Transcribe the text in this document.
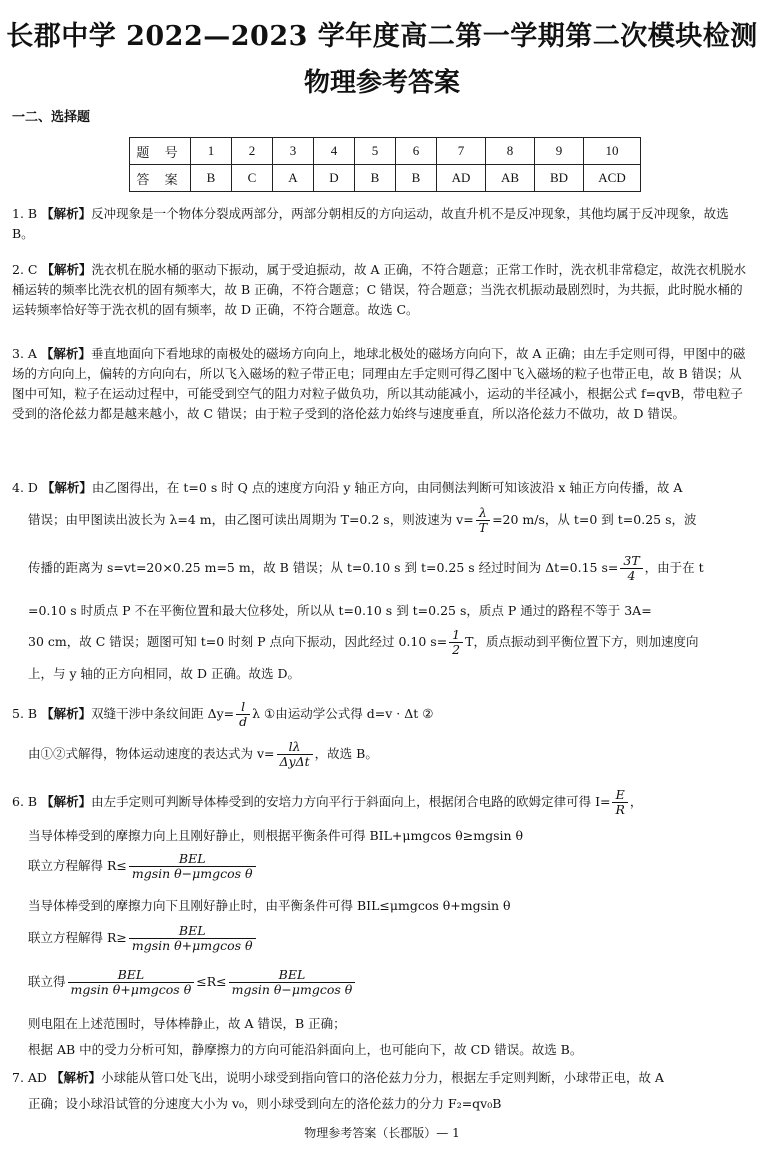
长郡中学 2022—2023 学年度高二第一学期第二次模块检测
物理参考答案
一二、选择题
题 号	1	2	3	4	5	6	7	8	9	10
答 案	B	C	A	D	B	B	AD	AB	BD	ACD
1. B 【解析】反冲现象是一个物体分裂成两部分，两部分朝相反的方向运动，故直升机不是反冲现象，其他均属于反冲现象，故选 B。
2. C 【解析】洗衣机在脱水桶的驱动下振动，属于受迫振动，故 A 正确，不符合题意；正常工作时，洗衣机非常稳定，故洗衣机脱水桶运转的频率比洗衣机的固有频率大，故 B 正确，不符合题意；C 错误，符合题意；当洗衣机振动最剧烈时，为共振，此时脱水桶的运转频率恰好等于洗衣机的固有频率，故 D 正确，不符合题意。故选 C。
3. A 【解析】垂直地面向下看地球的南极处的磁场方向向上，地球北极处的磁场方向向下，故 A 正确；由左手定则可得，甲图中的磁场的方向向上，偏转的方向向右，所以飞入磁场的粒子带正电；同理由左手定则可得乙图中飞入磁场的粒子也带正电，故 B 错误；从图中可知，粒子在运动过程中，可能受到空气的阻力对粒子做负功，所以其动能减小，运动的半径减小，根据公式 f=qvB，带电粒子受到的洛伦兹力都是越来越小，故 C 错误；由于粒子受到的洛伦兹力始终与速度垂直，所以洛伦兹力不做功，故 D 错误。
4. D 【解析】由乙图得出，在 t=0 s 时 Q 点的速度方向沿 y 轴正方向，由同侧法判断可知该波沿 x 轴正方向传播，故 A
错误；由甲图读出波长为 λ=4 m，由乙图可读出周期为 T=0.2 s，则波速为 $v= \frac{\lambda}{T} =20$ m/s，从 t=0 到 t=0.25 s，波
传播的距离为 s=vt=20×0.25 m=5 m，故 B 错误；从 t=0.10 s 到 t=0.25 s 经过时间为 Δt=0.15 $s= \frac{3T}{4}$ ，由于在 t
=0.10 s 时质点 P 不在平衡位置和最大位移处，所以从 t=0.10 s 到 t=0.25 s，质点 P 通过的路程不等于 3A=
30 cm，故 C 错误；题图可知 t=0 时刻 P 点向下振动，因此经过 0.10 $s= \frac{1}{2}$ T，质点振动到平衡位置下方，则加速度向
上，与 y 轴的正方向相同，故 D 正确。故选 D。
5. B 【解析】双缝干涉中条纹间距 $\Delta y= \frac{l}{d}$ λ ①由运动学公式得 d=v · Δt ②
由①②式解得，物体运动速度的表达式为 $v= \frac{l\lambda}{\text{ΔyΔt}}$ ，故选 B。
6. B 【解析】由左手定则可判断导体棒受到的安培力方向平行于斜面向上，根据闭合电路的欧姆定律可得 $I= \frac{E}{R}$ ，
当导体棒受到的摩擦力向上且刚好静止，则根据平衡条件可得 BIL+μmgcos θ≥mgsin θ
联立方程解得 $R\le \frac{\text{BEL}}{\text{mgsin θ−μmgcos θ}}$
当导体棒受到的摩擦力向下且刚好静止时，由平衡条件可得 BIL≤μmgcos θ+mgsin θ
联立方程解得 $R\ge \frac{\text{BEL}}{\text{mgsin θ+μmgcos θ}}$
联立得 $\frac{\text{BEL}}{\text{mgsin θ+μmgcos θ}} \le R\le \frac{\text{BEL}}{\text{mgsin θ−μmgcos θ}}$
则电阻在上述范围时，导体棒静止，故 A 错误，B 正确；
根据 AB 中的受力分析可知，静摩擦力的方向可能沿斜面向上，也可能向下，故 CD 错误。故选 B。
7. AD 【解析】小球能从管口处飞出，说明小球受到指向管口的洛伦兹力分力，根据左手定则判断，小球带正电，故 A
正确；设小球沿试管的分速度大小为 v₀，则小球受到向左的洛伦兹力的分力 F₂=qv₀B
物理参考答案（长郡版）— 1
